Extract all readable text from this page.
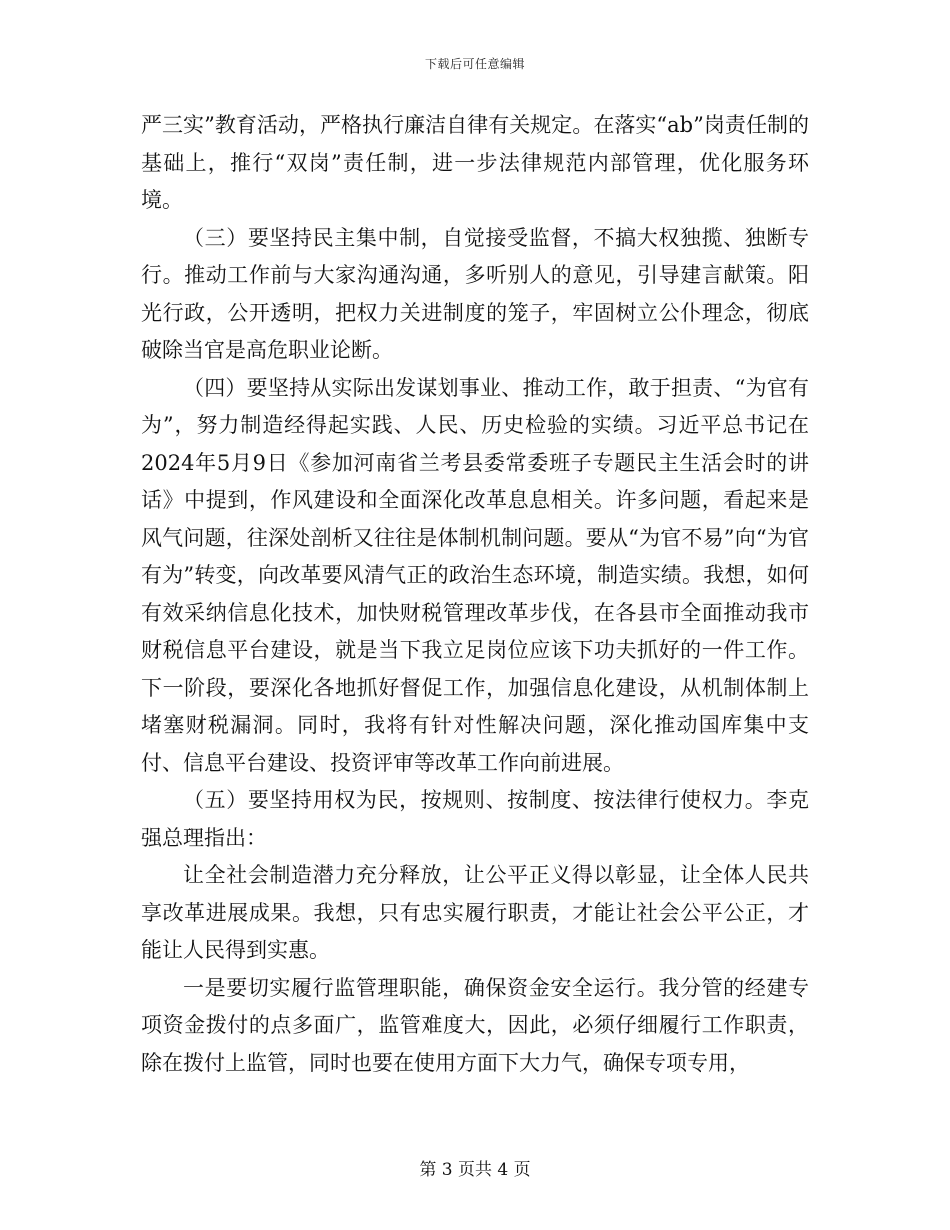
下载后可任意编辑

严三实”教育活动，严格执行廉洁自律有关规定。在落实“ab”岗责任制的基础上，推行“双岗”责任制，进一步法律规范内部管理，优化服务环境。

（三）要坚持民主集中制，自觉接受监督，不搞大权独揽、独断专行。推动工作前与大家沟通沟通，多听别人的意见，引导建言献策。阳光行政，公开透明，把权力关进制度的笼子，牢固树立公仆理念，彻底破除当官是高危职业论断。

（四）要坚持从实际出发谋划事业、推动工作，敢于担责、“为官有为”，努力制造经得起实践、人民、历史检验的实绩。习近平总书记在2024年5月9日《参加河南省兰考县委常委班子专题民主生活会时的讲话》中提到，作风建设和全面深化改革息息相关。许多问题，看起来是风气问题，往深处剖析又往往是体制机制问题。要从“为官不易”向“为官有为”转变，向改革要风清气正的政治生态环境，制造实绩。我想，如何有效采纳信息化技术，加快财税管理改革步伐，在各县市全面推动我市财税信息平台建设，就是当下我立足岗位应该下功夫抓好的一件工作。下一阶段，要深化各地抓好督促工作，加强信息化建设，从机制体制上堵塞财税漏洞。同时，我将有针对性解决问题，深化推动国库集中支付、信息平台建设、投资评审等改革工作向前进展。

（五）要坚持用权为民，按规则、按制度、按法律行使权力。李克强总理指出：

让全社会制造潜力充分释放，让公平正义得以彰显，让全体人民共享改革进展成果。我想，只有忠实履行职责，才能让社会公平公正，才能让人民得到实惠。

一是要切实履行监管理职能，确保资金安全运行。我分管的经建专项资金拨付的点多面广，监管难度大，因此，必须仔细履行工作职责，除在拨付上监管，同时也要在使用方面下大力气，确保专项专用，

第 3 页共 4 页
